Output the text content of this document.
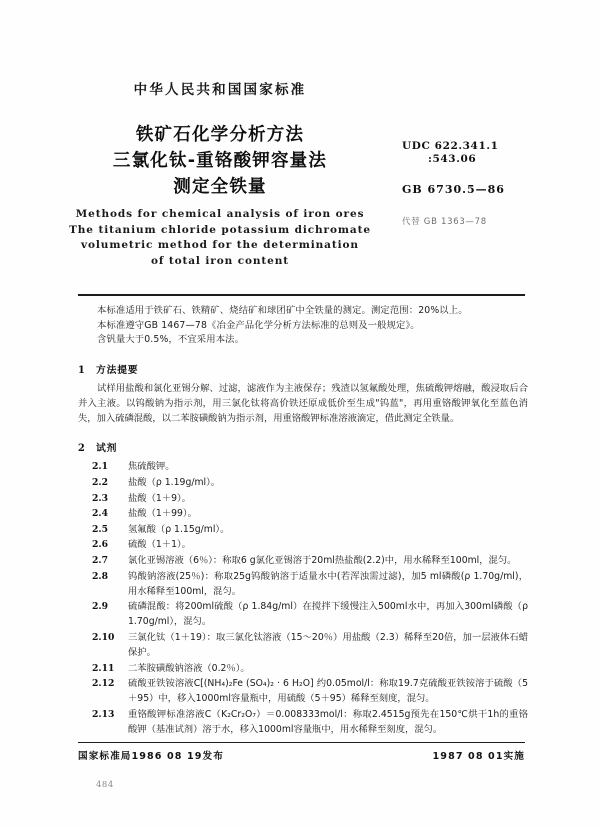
中华人民共和国国家标准
铁矿石化学分析方法
三氯化钛-重铬酸钾容量法
测定全铁量
Methods for chemical analysis of iron ores
The titanium chloride potassium dichromate
volumetric method for the determination
of total iron content
UDC 622.341.1
:543.06
GB 6730.5—86
代替 GB 1363—78
本标准适用于铁矿石、铁精矿、烧结矿和球团矿中全铁量的测定。测定范围：20%以上。
本标准遵守GB 1467—78《冶金产品化学分析方法标准的总则及一般规定》。
含钒量大于0.5%，不宜采用本法。
1 方法提要
试样用盐酸和氯化亚锡分解、过滤，滤液作为主液保存；残渣以氢氟酸处理，焦硫酸钾熔融，酸浸取后合并入主液。以钨酸钠为指示剂，用三氯化钛将高价铁还原成低价至生成"钨蓝"，再用重铬酸钾氧化至蓝色消失，加入硫磷混酸，以二苯胺磺酸钠为指示剂，用重铬酸钾标准溶液滴定，借此测定全铁量。
2 试剂
2.1	焦硫酸钾。
2.2	盐酸（ρ 1.19g/ml）。
2.3	盐酸（1＋9）。
2.4	盐酸（1＋99）。
2.5	氢氟酸（ρ 1.15g/ml）。
2.6	硫酸（1＋1）。
2.7	氯化亚锡溶液（6％）：称取6 g氯化亚锡溶于20ml热盐酸(2.2)中，用水稀释至100ml，混匀。
2.8	钨酸钠溶液(25％)：称取25g钨酸钠溶于适量水中(若浑浊需过滤)，加5 ml磷酸(ρ 1.70g/ml)，用水稀释至100ml，混匀。
2.9	硫磷混酸：将200ml硫酸（ρ 1.84g/ml）在搅拌下缓慢注入500ml水中，再加入300ml磷酸（ρ 1.70g/ml），混匀。
2.10	三氯化钛（1＋19）：取三氯化钛溶液（15～20％）用盐酸（2.3）稀释至20倍，加一层液体石蜡保护。
2.11	二苯胺磺酸钠溶液（0.2％）。
2.12	硫酸亚铁铵溶液C[(NH₄)₂Fe (SO₄)₂ · 6 H₂O] 约0.05mol/l：称取19.7克硫酸亚铁铵溶于硫酸（5＋95）中，移入1000ml容量瓶中，用硫酸（5＋95）稀释至刻度，混匀。
2.13	重铬酸钾标准溶液C（K₂Cr₂O₇）＝0.008333mol/l：称取2.4515g预先在150℃烘干1h的重铬酸钾（基准试剂）溶于水，移入1000ml容量瓶中，用水稀释至刻度，混匀。
国家标准局1986 08 19发布	1987 08 01实施
484
